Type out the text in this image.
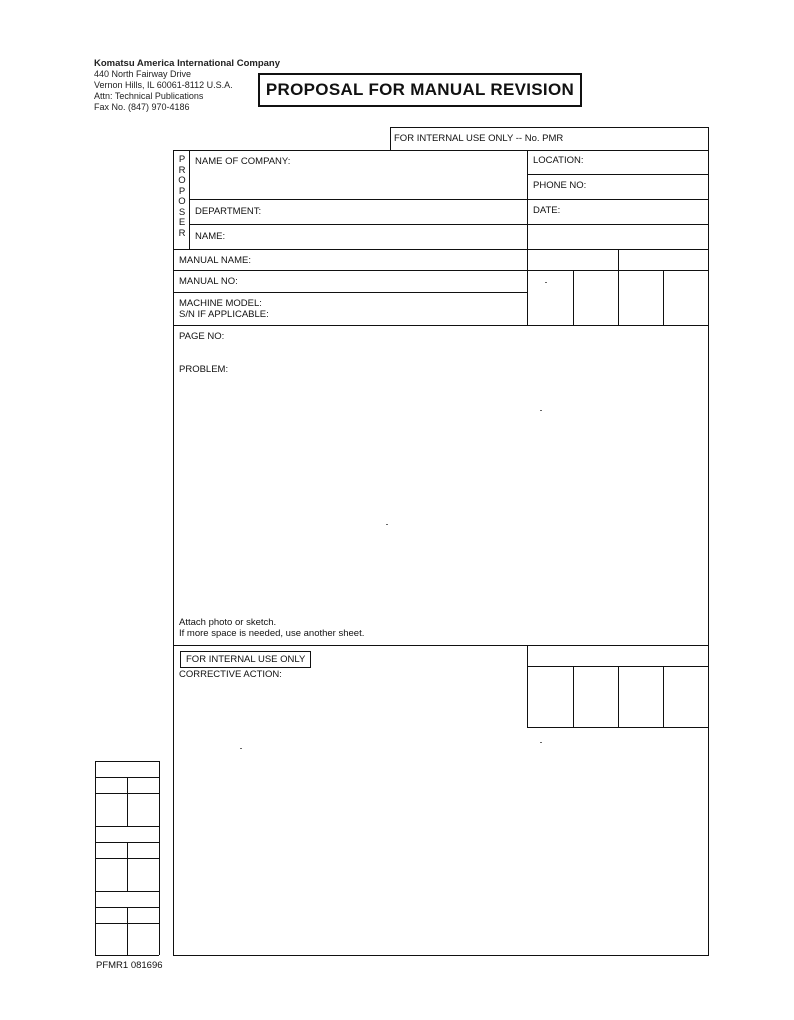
Komatsu America International Company
440 North Fairway Drive
Vernon Hills, IL 60061-8112 U.S.A.
Attn: Technical Publications
Fax No. (847) 970-4186
PROPOSAL FOR MANUAL REVISION
FOR INTERNAL USE ONLY -- No. PMR
PROPOSER
NAME OF COMPANY:	LOCATION:
PHONE NO:
DEPARTMENT:	DATE:
NAME:
MANUAL NAME:
MANUAL NO:
MACHINE MODEL:
S/N IF APPLICABLE:
PAGE NO:
PROBLEM:
Attach photo or sketch.
If more space is needed, use another sheet.
FOR INTERNAL USE ONLY
CORRECTIVE ACTION:
PFMR1 081696
